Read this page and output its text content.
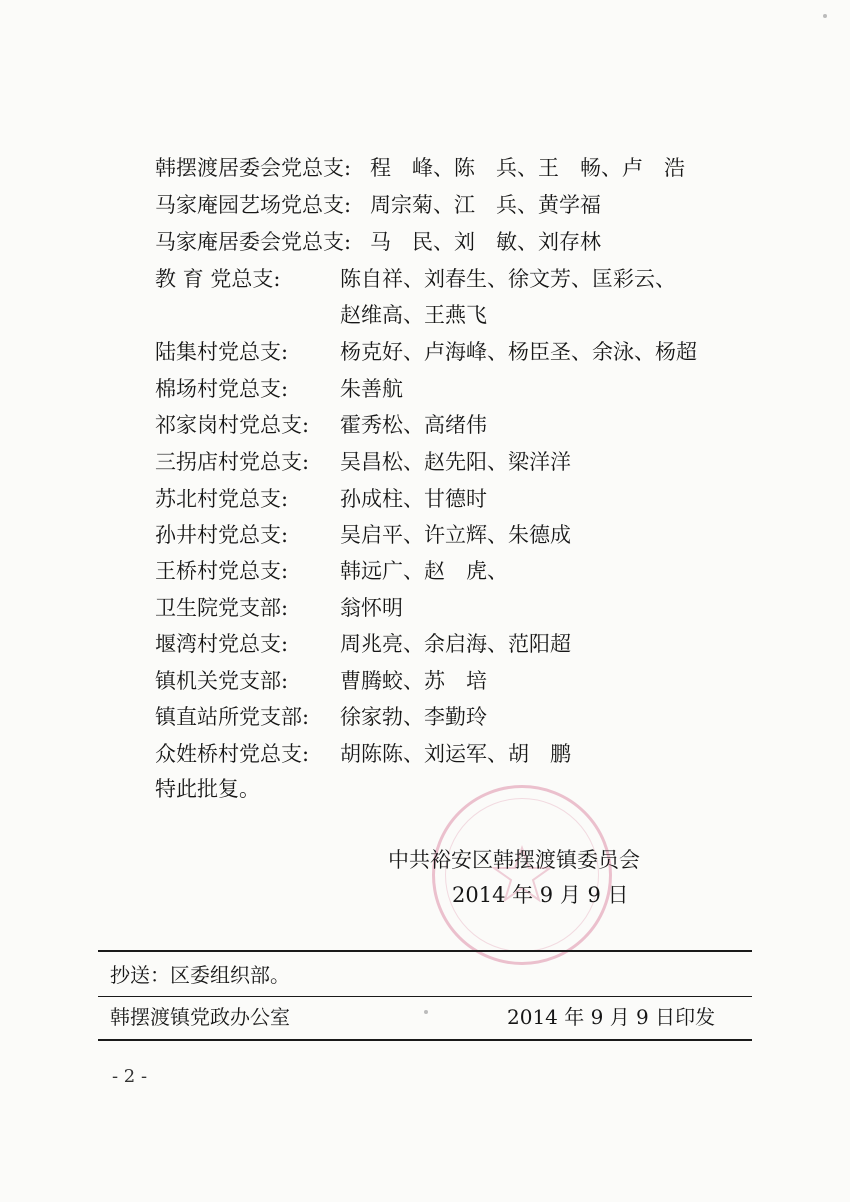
韩摆渡居委会党总支: 程　峰、陈　兵、王　畅、卢　浩
马家庵园艺场党总支: 周宗菊、江　兵、黄学福
马家庵居委会党总支: 马　民、刘　敏、刘存林
教 育 党总支:	陈自祥、刘春生、徐文芳、匡彩云、
赵维高、王燕飞
陆集村党总支: 杨克好、卢海峰、杨臣圣、余泳、杨超
棉场村党总支: 朱善航
祁家岗村党总支: 霍秀松、高绪伟
三拐店村党总支: 吴昌松、赵先阳、梁洋洋
苏北村党总支: 孙成柱、甘德时
孙井村党总支: 吴启平、许立辉、朱德成
王桥村党总支: 韩远广、赵　虎、
卫生院党支部: 翁怀明
堰湾村党总支: 周兆亮、余启海、范阳超
镇机关党支部: 曹腾蛟、苏　培
镇直站所党支部: 徐家勃、李勤玲
众姓桥村党总支: 胡陈陈、刘运军、胡　鹏
特此批复。
中共裕安区韩摆渡镇委员会
2014 年 9 月 9 日
抄送：区委组织部。
韩摆渡镇党政办公室	2014 年 9 月 9 日印发
- 2 -
